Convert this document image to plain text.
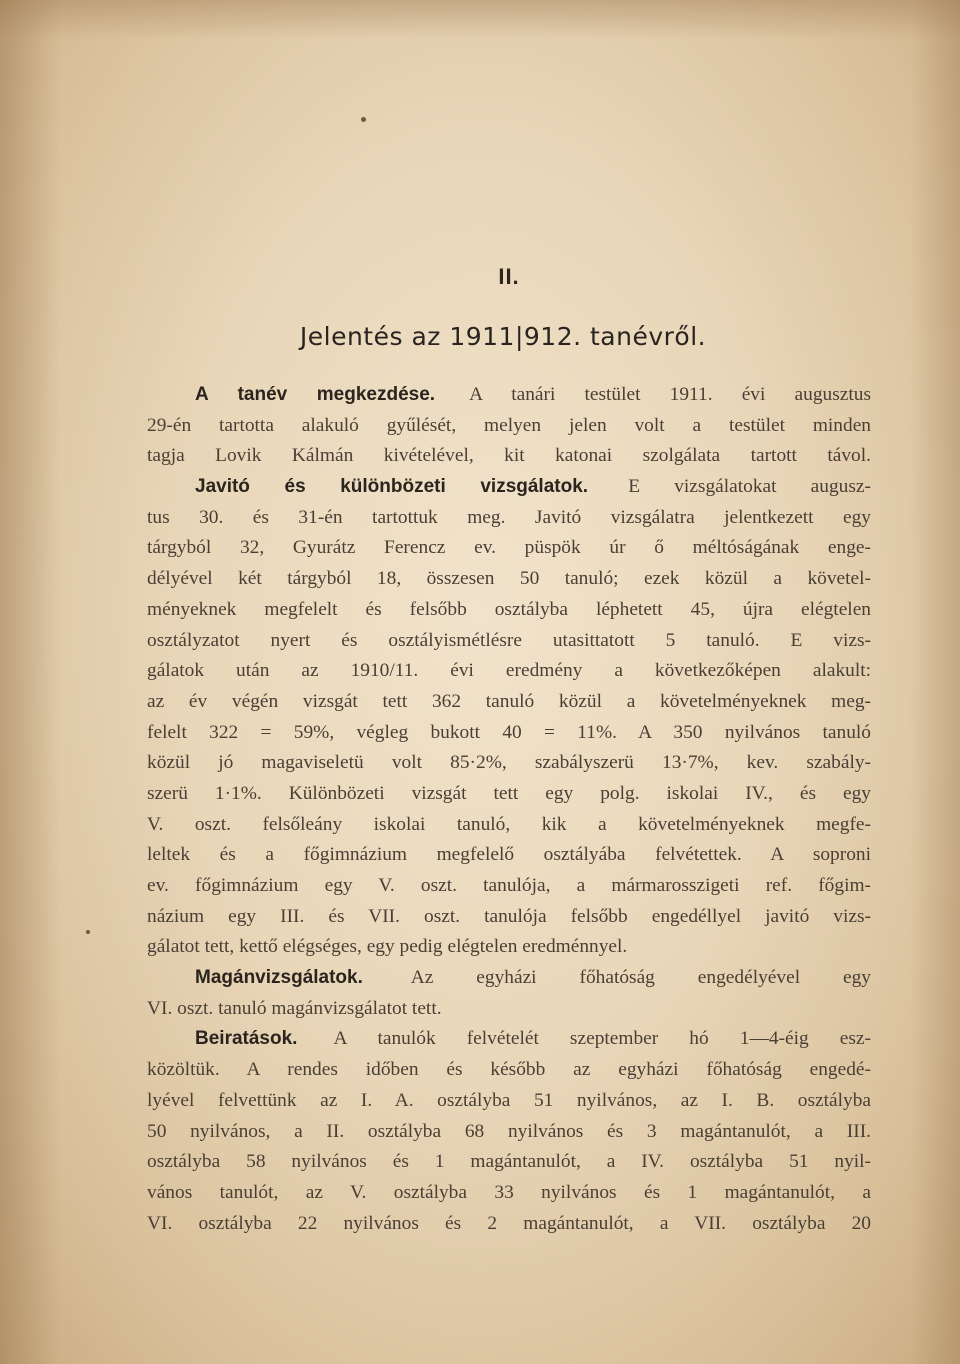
II.
Jelentés az 1911|912. tanévről.
A tanév megkezdése. A tanári testület 1911. évi augusztus
29-én tartotta alakuló gyűlését, melyen jelen volt a testület minden
tagja Lovik Kálmán kivételével, kit katonai szolgálata tartott távol.
Javitó és különbözeti vizsgálatok. E vizsgálatokat augusz-
tus 30. és 31-én tartottuk meg. Javitó vizsgálatra jelentkezett egy
tárgyból 32, Gyurátz Ferencz ev. püspök úr ő méltóságának enge-
délyével két tárgyból 18, összesen 50 tanuló; ezek közül a követel-
ményeknek megfelelt és felsőbb osztályba léphetett 45, újra elégtelen
osztályzatot nyert és osztályismétlésre utasittatott 5 tanuló. E vizs-
gálatok után az 1910/11. évi eredmény a következőképen alakult:
az év végén vizsgát tett 362 tanuló közül a követelményeknek meg-
felelt 322 = 59%, végleg bukott 40 = 11%. A 350 nyilvános tanuló
közül jó magaviseletü volt 85·2%, szabályszerü 13·7%, kev. szabály-
szerü 1·1%. Különbözeti vizsgát tett egy polg. iskolai IV., és egy
V. oszt. felsőleány iskolai tanuló, kik a követelményeknek megfe-
leltek és a főgimnázium megfelelő osztályába felvétettek. A soproni
ev. főgimnázium egy V. oszt. tanulója, a mármarosszigeti ref. főgim-
názium egy III. és VII. oszt. tanulója felsőbb engedéllyel javitó vizs-
gálatot tett, kettő elégséges, egy pedig elégtelen eredménnyel.
Magánvizsgálatok. Az egyházi főhatóság engedélyével egy
VI. oszt. tanuló magánvizsgálatot tett.
Beiratások. A tanulók felvételét szeptember hó 1—4-éig esz-
közöltük. A rendes időben és később az egyházi főhatóság engedé-
lyével felvettünk az I. A. osztályba 51 nyilvános, az I. B. osztályba
50 nyilvános, a II. osztályba 68 nyilvános és 3 magántanulót, a III.
osztályba 58 nyilvános és 1 magántanulót, a IV. osztályba 51 nyil-
vános tanulót, az V. osztályba 33 nyilvános és 1 magántanulót, a
VI. osztályba 22 nyilvános és 2 magántanulót, a VII. osztályba 20
